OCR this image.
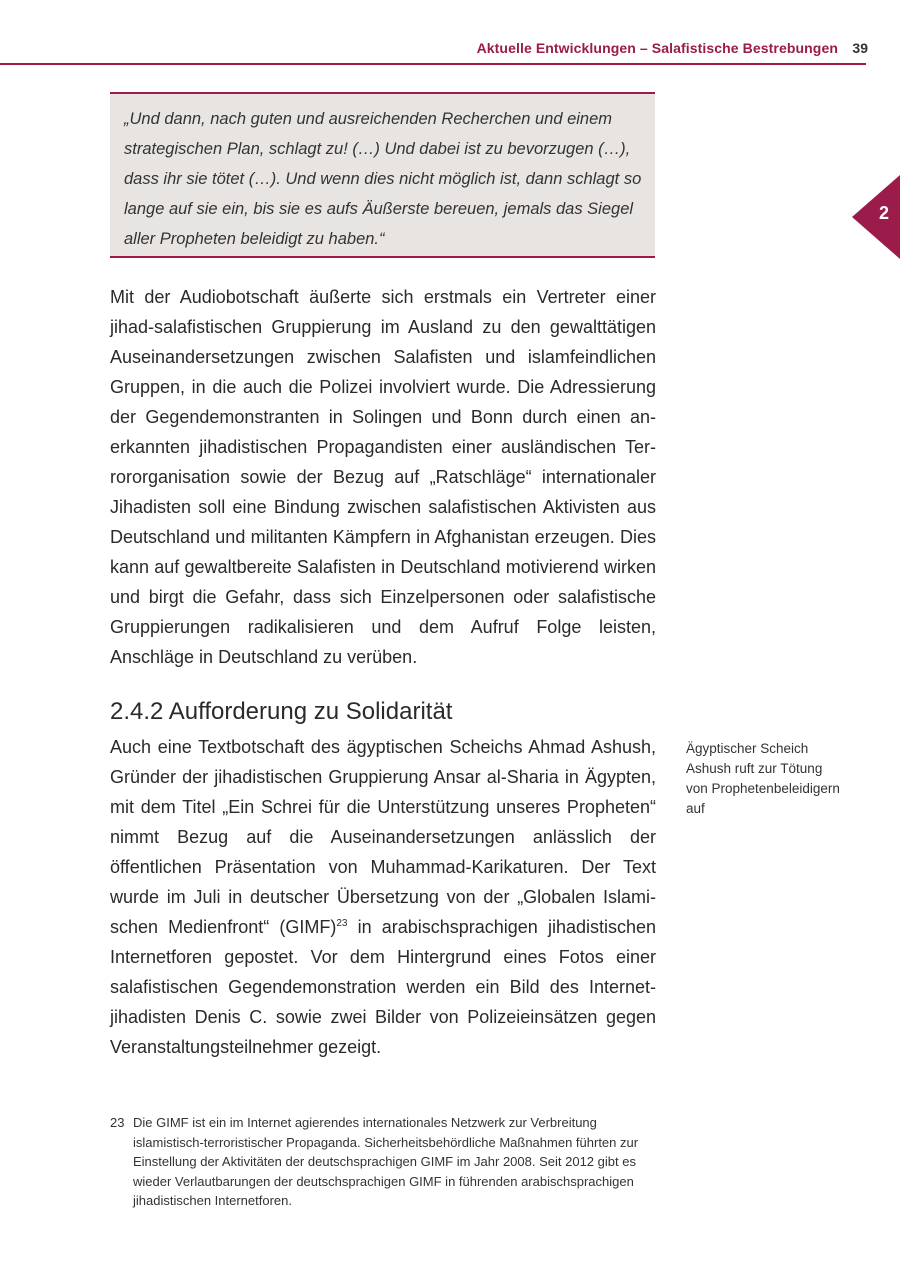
Aktuelle Entwicklungen – Salafistische Bestrebungen 39
2

„Und dann, nach guten und ausreichenden Recherchen und einem strategischen Plan, schlagt zu! (…) Und dabei ist zu bevorzugen (…), dass ihr sie tötet (…). Und wenn dies nicht möglich ist, dann schlagt so lange auf sie ein, bis sie es aufs Äußerste bereuen, jemals das Siegel aller Propheten beleidigt zu haben.“

Mit der Audiobotschaft äußerte sich erstmals ein Vertreter einer jihad-salafistischen Gruppierung im Ausland zu den gewalttätigen Auseinandersetzungen zwischen Salafisten und islamfeindlichen Gruppen, in die auch die Polizei involviert wurde. Die Adressierung der Gegendemonstranten in Solingen und Bonn durch einen anerkannten jihadistischen Propagandisten einer ausländischen Terrororganisation sowie der Bezug auf „Ratschläge“ internationaler Jihadisten soll eine Bindung zwischen salafistischen Aktivisten aus Deutschland und militanten Kämpfern in Afghanistan erzeugen. Dies kann auf gewaltbereite Salafisten in Deutschland motivierend wirken und birgt die Gefahr, dass sich Einzelpersonen oder salafistische Gruppierungen radikalisieren und dem Aufruf Folge leisten, Anschläge in Deutschland zu verüben.

2.4.2 Aufforderung zu Solidarität

Auch eine Textbotschaft des ägyptischen Scheichs Ahmad Ashush, Gründer der jihadistischen Gruppierung Ansar al-Sharia in Ägypten, mit dem Titel „Ein Schrei für die Unterstützung unseres Propheten“ nimmt Bezug auf die Auseinandersetzungen anlässlich der öffentlichen Präsentation von Muhammad-Karikaturen. Der Text wurde im Juli in deutscher Übersetzung von der „Globalen Islamischen Medienfront“ (GIMF)$^{23}$ in arabischsprachigen jihadistischen Internetforen gepostet. Vor dem Hintergrund eines Fotos einer salafistischen Gegendemonstration werden ein Bild des Internetjihadisten Denis C. sowie zwei Bilder von Polizeieinsätzen gegen Veranstaltungsteilnehmer gezeigt.

Ägyptischer Scheich Ashush ruft zur Tötung von Prophetenbeleidigern auf
23 Die GIMF ist ein im Internet agierendes internationales Netzwerk zur Verbreitung islamistisch-terroristischer Propaganda. Sicherheitsbehördliche Maßnahmen führten zur Einstellung der Aktivitäten der deutschsprachigen GIMF im Jahr 2008. Seit 2012 gibt es wieder Verlautbarungen der deutschsprachigen GIMF in führenden arabischsprachigen jihadistischen Internetforen.
